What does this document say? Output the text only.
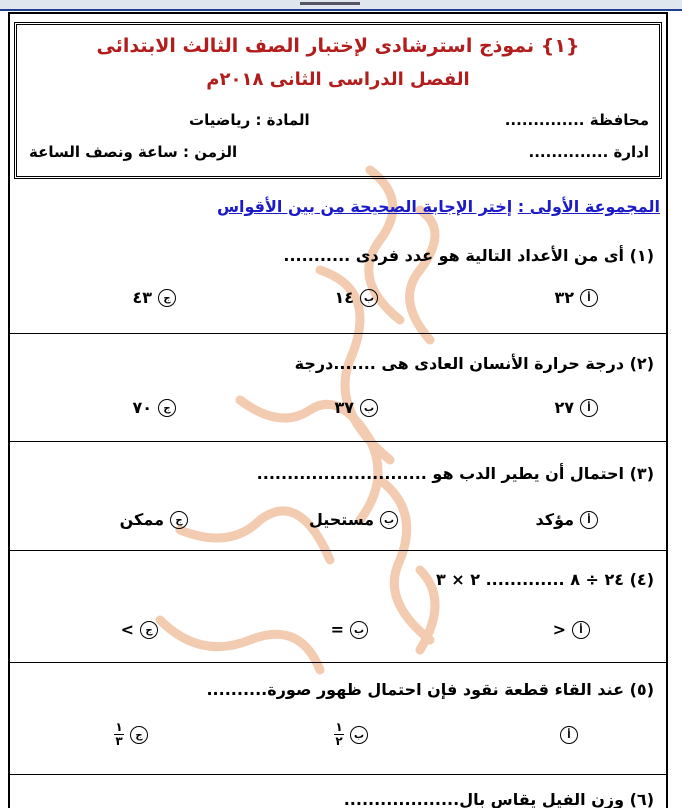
{١} نموذج استرشادى لإختبار الصف الثالث الابتدائى
الفصل الدراسى الثانى ٢٠١٨م
محافظة ..............
المادة : رياضيات
ادارة ..............
الزمن : ساعة ونصف الساعة
المجموعة الأولى : إختر الإجابة الصحيحة من بين الأقواس
(١) أى من الأعداد التالية هو عدد فردى ...........
أ
٣٢
ب
١٤
ج
٤٣
(٢) درجة حرارة الأنسان العادى هى .......درجة
أ
٢٧
ب
٣٧
ج
٧٠
(٣) احتمال أن يطير الدب هو ............................
أ
مؤكد
ب
مستحيل
ج
ممكن
(٤) ٢٤ ÷ ٨ ............. ٢ × ٣
أ
<
ب
=
ج
>
(٥) عند القاء قطعة نقود فإن احتمال ظهور صورة..........
أ
ب
$\frac{١}{٢}$
ج
$\frac{١}{٣}$
(٦) وزن الفيل يقاس بال...................
